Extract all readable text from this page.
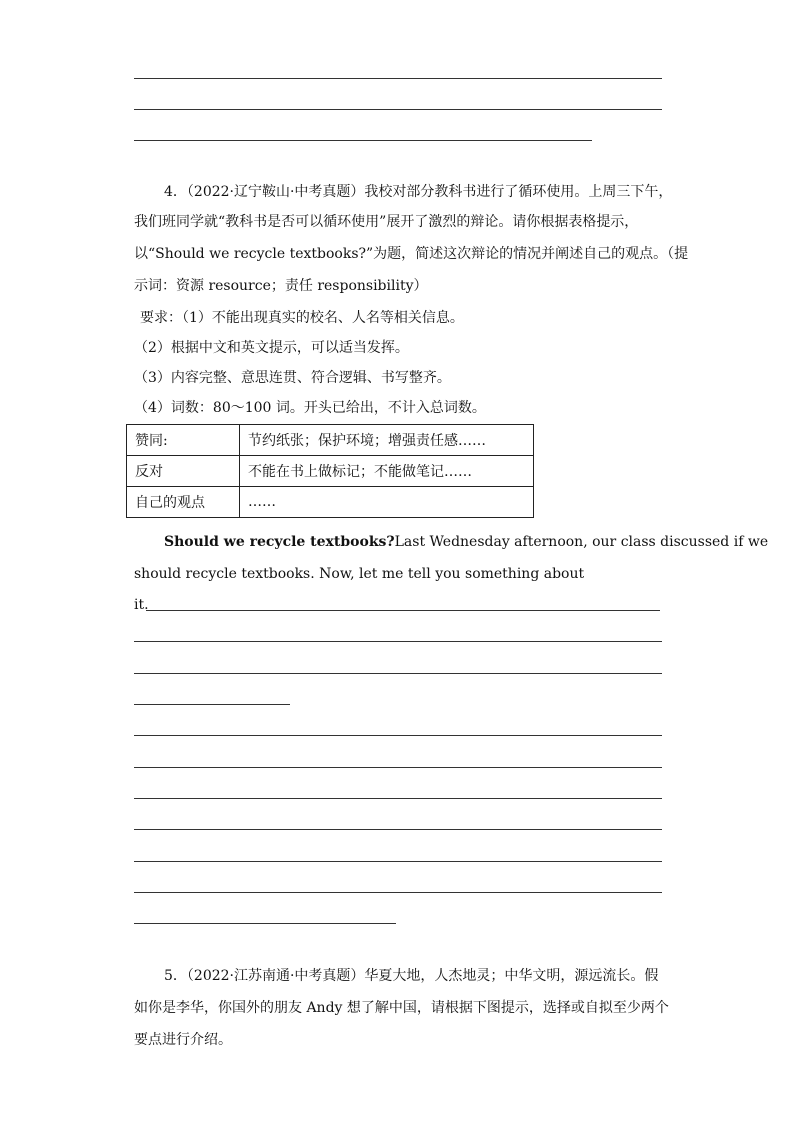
4．（2022·辽宁鞍山·中考真题）我校对部分教科书进行了循环使用。上周三下午，
我们班同学就“教科书是否可以循环使用”展开了激烈的辩论。请你根据表格提示，
以“Should we recycle textbooks?”为题，简述这次辩论的情况并阐述自己的观点。（提
示词：资源 resource；责任 responsibility）
要求：（1）不能出现真实的校名、人名等相关信息。
（2）根据中文和英文提示，可以适当发挥。
（3）内容完整、意思连贯、符合逻辑、书写整齐。
（4）词数：80～100 词。开头已给出，不计入总词数。
赞同:	节约纸张；保护环境；增强责任感……
反对	不能在书上做标记；不能做笔记……
自己的观点	……
Should we recycle textbooks?Last Wednesday afternoon, our class discussed if we
should recycle textbooks. Now, let me tell you something about
it.
5．（2022·江苏南通·中考真题）华夏大地，人杰地灵；中华文明，源远流长。假
如你是李华，你国外的朋友 Andy 想了解中国，请根据下图提示，选择或自拟至少两个
要点进行介绍。
